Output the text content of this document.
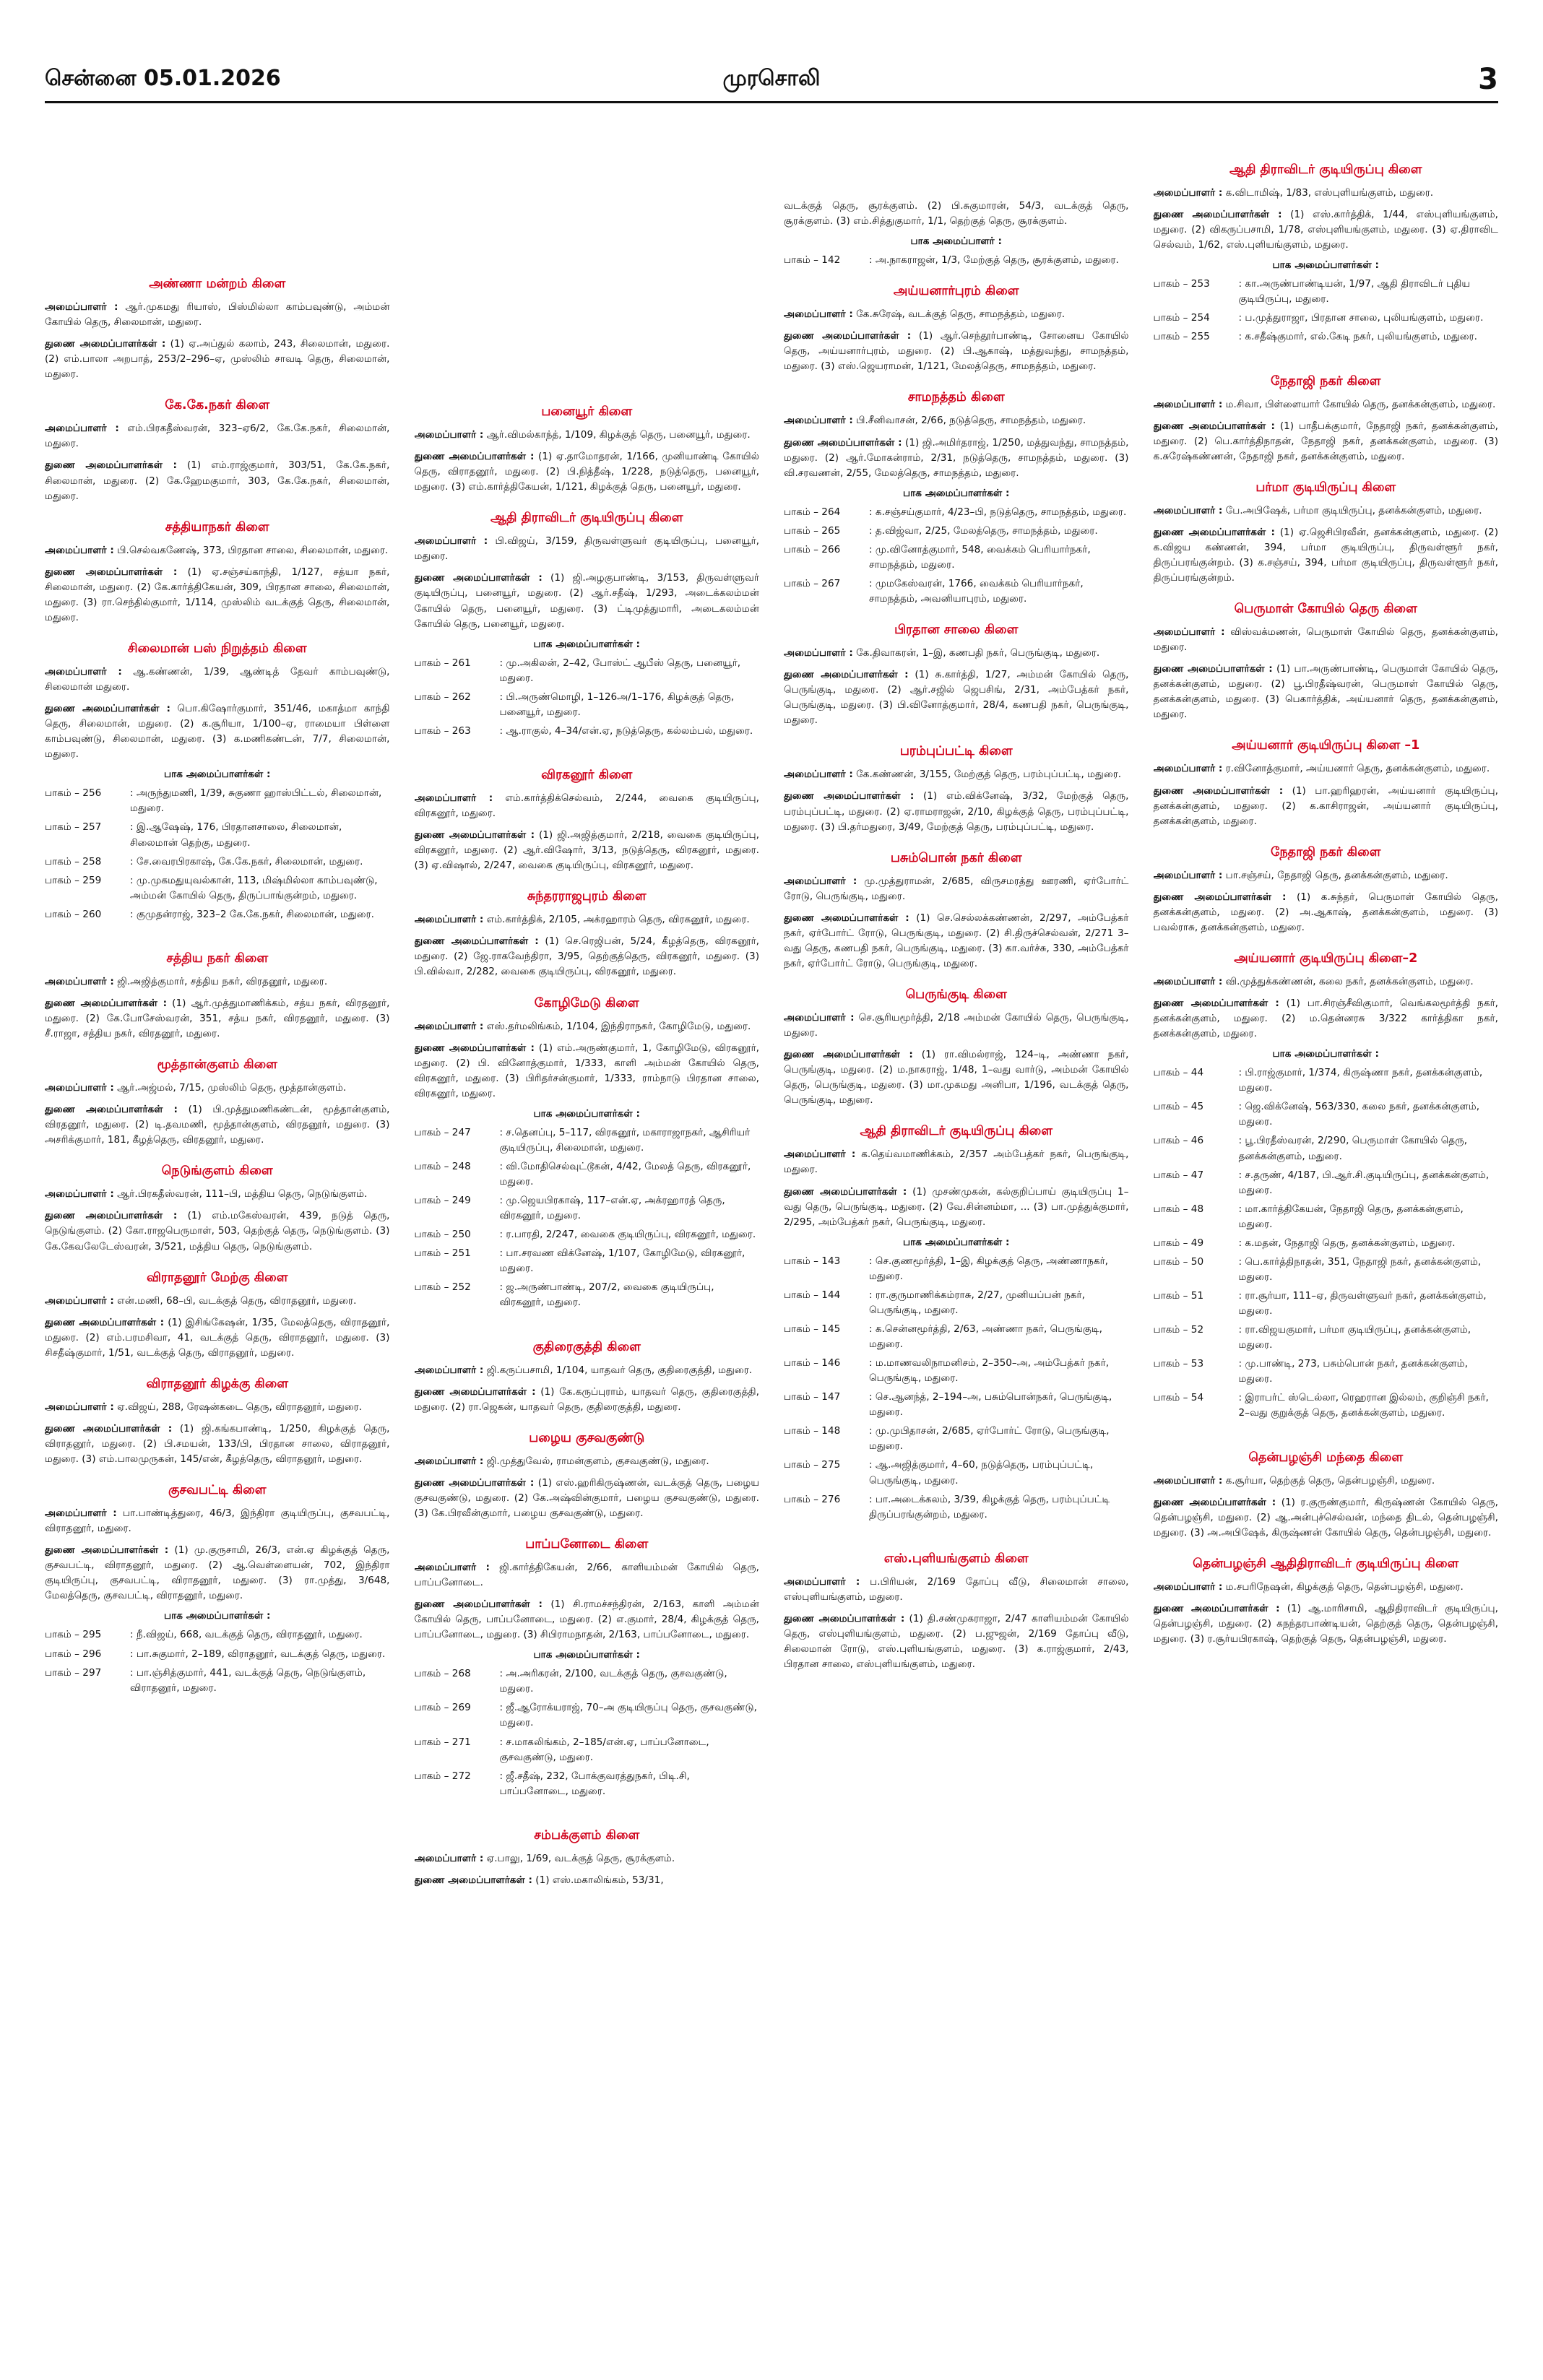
சென்னை 05.01.2026	முரசொலி	3
அண்ணா மன்றம் கிளை

அமைப்பாளர் : ஆர்.முகமது ரியாஸ், பிஸ்மில்லா காம்பவுண்டு, அம்மன் கோயில் தெரு, சிலைமான், மதுரை.

துணை அமைப்பாளர்கள் : (1) ஏ.அப்துல் கலாம், 243, சிலைமான், மதுரை. (2) எம்.பாலா அறபாத், 253/2–296–ஏ, முஸ்லிம் சாவடி தெரு, சிலைமான், மதுரை.

கே.கே.நகர் கிளை

அமைப்பாளர் : எம்.பிரகதீஸ்வரன், 323–ஏ6/2, கே.கே.நகர், சிலைமான், மதுரை.

துணை அமைப்பாளர்கள் : (1) எம்.ராஜ்குமார், 303/51, கே.கே.நகர், சிலைமான், மதுரை. (2) கே.ஹேமகுமார், 303, கே.கே.நகர், சிலைமான், மதுரை.

சத்தியாநகர் கிளை

அமைப்பாளர் : பி.செல்வகணேஷ், 373, பிரதான சாலை, சிலைமான், மதுரை.

துணை அமைப்பாளர்கள் : (1) ஏ.சஞ்சய்காந்தி, 1/127, சத்யா நகர், சிலைமான், மதுரை. (2) கே.கார்த்திகேயன், 309, பிரதான சாலை, சிலைமான், மதுரை. (3) ரா.செந்தில்குமார், 1/114, முஸ்லிம் வடக்குத் தெரு, சிலைமான், மதுரை.

சிலைமான் பஸ் நிறுத்தம் கிளை

அமைப்பாளர் : ஆ.கண்ணன், 1/39, ஆண்டித் தேவர் காம்பவுண்டு, சிலைமான் மதுரை.

துணை அமைப்பாளர்கள் : பொ.கிஷோர்குமார், 351/46, மகாத்மா காந்தி தெரு, சிலைமான், மதுரை. (2) க.சூரியா, 1/100–ஏ, ராமையா பிள்ளை காம்பவுண்டு, சிலைமான், மதுரை. (3) க.மணிகண்டன், 7/7, சிலைமான், மதுரை.

பாக அமைப்பாளர்கள் :
பாகம் – 256	: அருந்துமணி, 1/39, சுகுணா ஹாஸ்பிட்டல், சிலைமான், மதுரை.
பாகம் – 257	: இ.ஆஷேஷ், 176, பிரதானசாலை, சிலைமான், சிலைமான் தெற்கு, மதுரை.
பாகம் – 258	: சே.வைரபிரகாஷ், கே.கே.நகர், சிலைமான், மதுரை.
பாகம் – 259	: மு.முகமதுயுவல்கான், 113, மிஷ்மில்லா காம்பவுண்டு, அம்மன் கோயில் தெரு, திருப்பாங்குன்றம், மதுரை.
பாகம் – 260	: குமுதன்ராஜ், 323–2 கே.கே.நகர், சிலைமான், மதுரை.
சத்திய நகர் கிளை

அமைப்பாளர் : ஜி.அஜித்குமார், சத்திய நகர், விரதனூர், மதுரை.

துணை அமைப்பாளர்கள் : (1) ஆர்.முத்துமாணிக்கம், சத்ய நகர், விரதனூர், மதுரை. (2) கே.போசேஸ்வரன், 351, சத்ய நகர், விரதனூர், மதுரை. (3) சீ.ராஜா, சத்திய நகர், விரதனூர், மதுரை.

மூத்தான்குளம் கிளை

அமைப்பாளர் : ஆர்.அஜ்மல், 7/15, முஸ்லிம் தெரு, மூத்தான்குளம்.

துணை அமைப்பாளர்கள் : (1) பி.முத்துமணிகண்டன், மூத்தான்குளம், விரதனூர், மதுரை. (2) டி.தவமணி, மூத்தான்குளம், விரதனூர், மதுரை. (3) அசரிக்குமார், 181, கீழத்தெரு, விரதனூர், மதுரை.

நெடுங்குளம் கிளை

அமைப்பாளர் : ஆர்.பிரகதீஸ்வரன், 111–பி, மத்திய தெரு, நெடுங்குளம்.

துணை அமைப்பாளர்கள் : (1) எம்.மகேஸ்வரன், 439, நடுத் தெரு, நெடுங்குளம். (2) கோ.ராஜபெருமாள், 503, தெற்குத் தெரு, நெடுங்குளம். (3) கே.கேவலேடேஸ்வரன், 3/521, மத்திய தெரு, நெடுங்குளம்.

விராதனூர் மேற்கு கிளை

அமைப்பாளர் : என்.மணி, 68–பி, வடக்குத் தெரு, விராதனூர், மதுரை.

துணை அமைப்பாளர்கள் : (1) இசிங்கேஷன், 1/35, மேலத்தெரு, விராதனூர், மதுரை. (2) எம்.பரமசிவா, 41, வடக்குத் தெரு, விராதனூர், மதுரை. (3) சிசதீஷ்குமார், 1/51, வடக்குத் தெரு, விராதனூர், மதுரை.

விராதனூர் கிழக்கு கிளை

அமைப்பாளர் : ஏ.விஜய், 288, ரேஷன்கடை தெரு, விராதனூர், மதுரை.

துணை அமைப்பாளர்கள் : (1) ஜி.கங்கபாண்டி, 1/250, கிழக்குத் தெரு, விராதனூர், மதுரை. (2) பி.சமயன், 133/பி, பிரதான சாலை, விராதனூர், மதுரை. (3) எம்.பாலமுருகன், 145/என், கீழத்தெரு, விராதனூர், மதுரை.

குசவபட்டி கிளை

அமைப்பாளர் : பா.பாண்டித்துரை, 46/3, இந்திரா குடியிருப்பு, குசவபட்டி, விராதனூர், மதுரை.

துணை அமைப்பாளர்கள் : (1) மு.குருசாமி, 26/3, என்.ஏ கிழக்குத் தெரு, குசவபட்டி, விராதனூர், மதுரை. (2) ஆ.வெள்ளையன், 702, இந்திரா குடியிருப்பு, குசவபட்டி, விராதனூர், மதுரை. (3) ரா.முத்து, 3/648, மேலத்தெரு, குசவபட்டி, விராதனூர், மதுரை.

பாக அமைப்பாளர்கள் :
பாகம் – 295	: நீ.விஜய், 668, வடக்குத் தெரு, விராதனூர், மதுரை.
பாகம் – 296	: பா.சுகுமார், 2–189, விராதனூர், வடக்குத் தெரு, மதுரை.
பாகம் – 297	: பா.ஞ்சித்குமார், 441, வடக்குத் தெரு, நெடுங்குளம், விராதனூர், மதுரை.
பனையூர் கிளை

அமைப்பாளர் : ஆர்.விமல்காந்த், 1/109, கிழக்குத் தெரு, பனையூர், மதுரை.

துணை அமைப்பாளர்கள் : (1) ஏ.தாமோதரன், 1/166, முனியாண்டி கோயில் தெரு, விராதனூர், மதுரை. (2) பி.நித்தீஷ், 1/228, நடுத்தெரு, பனையூர், மதுரை. (3) எம்.கார்த்திகேயன், 1/121, கிழக்குத் தெரு, பனையூர், மதுரை.

ஆதி திராவிடர் குடியிருப்பு கிளை

அமைப்பாளர் : பி.விஜய், 3/159, திருவள்ளுவர் குடியிருப்பு, பனையூர், மதுரை.

துணை அமைப்பாளர்கள் : (1) ஜி.அழகுபாண்டி, 3/153, திருவள்ளுவர் குடியிருப்பு, பனையூர், மதுரை. (2) ஆர்.சதீஷ், 1/293, அடைக்கலம்மன் கோயில் தெரு, பனையூர், மதுரை. (3) ட்டிமுத்துமாரி, அடைகலம்மன் கோயில் தெரு, பனையூர், மதுரை.

பாக அமைப்பாளர்கள் :
பாகம் – 261	: மு.அகிலன், 2–42, போஸ்ட் ஆபீஸ் தெரு, பனையூர், மதுரை.
பாகம் – 262	: பி.அருண்மொழி, 1–126அ/1–176, கிழக்குத் தெரு, பனையூர், மதுரை.
பாகம் – 263	: ஆ.ராகுல், 4–34/என்.ஏ, நடுத்தெரு, கல்லம்பல், மதுரை.
விரகனூர் கிளை

அமைப்பாளர் : எம்.கார்த்திக்செல்வம், 2/244, வைகை குடியிருப்பு, விரகனூர், மதுரை.

துணை அமைப்பாளர்கள் : (1) ஜி.அஜித்குமார், 2/218, வைகை குடியிருப்பு, விரகனூர், மதுரை. (2) ஆர்.விஷோர், 3/13, நடுத்தெரு, விரகனூர், மதுரை. (3) ஏ.விஷால், 2/247, வைகை குடியிருப்பு, விரகனூர், மதுரை.

சுந்தரராஜபுரம் கிளை

அமைப்பாளர் : எம்.கார்த்திக், 2/105, அக்ரஹாரம் தெரு, விரகனூர், மதுரை.

துணை அமைப்பாளர்கள் : (1) செ.ரெஜிபன், 5/24, கீழத்தெரு, விரகனூர், மதுரை. (2) ஜே.ராகவேந்திரா, 3/95, தெற்குத்தெரு, விரகனூர், மதுரை. (3) பி.வில்வா, 2/282, வைகை குடியிருப்பு, விரகனூர், மதுரை.

கோழிமேடு கிளை

அமைப்பாளர் : எஸ்.தர்மலிங்கம், 1/104, இந்திராநகர், கோழிமேடு, மதுரை.

துணை அமைப்பாளர்கள் : (1) எம்.அருண்குமார், 1, கோழிமேடு, விரகனூர், மதுரை. (2) பி. வினோத்குமார், 1/333, காளி அம்மன் கோயில் தெரு, விரகனூர், மதுரை. (3) பிரிதர்சன்குமார், 1/333, ராம்நாடு பிரதான சாலை, விரகனூர், மதுரை.

பாக அமைப்பாளர்கள் :
பாகம் – 247	: ச.தெனப்பு, 5–117, விரகனூர், மகாராஜாநகர், ஆசிரியர் குடியிருப்பு, சிலைமான், மதுரை.
பாகம் – 248	: வி.மோதிசெல்வுட்டூகன், 4/42, மேலத் தெரு, விரகனூர், மதுரை.
பாகம் – 249	: மு.ஜெயபிரகாஷ், 117–என்.ஏ, அக்ரஹாரத் தெரு, விரகனூர், மதுரை.
பாகம் – 250	: ர.பாரதி, 2/247, வைகை குடியிருப்பு, விரகனூர், மதுரை.
பாகம் – 251	: பா.சரவண விக்னேஷ், 1/107, கோழிமேடு, விரகனூர், மதுரை.
பாகம் – 252	: ஜ.அருண்பாண்டி, 207/2, வைகை குடியிருப்பு, விரகனூர், மதுரை.
குதிரைகுத்தி கிளை

அமைப்பாளர் : ஜி.கருப்பசாமி, 1/104, யாதவர் தெரு, குதிரைகுத்தி, மதுரை.

துணை அமைப்பாளர்கள் : (1) கே.கருப்புராம், யாதவர் தெரு, குதிரைகுத்தி, மதுரை. (2) ரா.ஜெகன், யாதவர் தெரு, குதிரைகுத்தி, மதுரை.

பழைய குசவகுண்டு

அமைப்பாளர் : ஜி.முத்துவேல், ராமன்குளம், குசவகுண்டு, மதுரை.

துணை அமைப்பாளர்கள் : (1) எஸ்.ஹரிகிருஷ்ணன், வடக்குத் தெரு, பழைய குசவகுண்டு, மதுரை. (2) கே.அஷ்வின்குமார், பழைய குசவகுண்டு, மதுரை. (3) கே.பிரவீன்குமார், பழைய குசவகுண்டு, மதுரை.

பாப்பனோடை கிளை

அமைப்பாளர் : ஜி.கார்த்திகேயன், 2/66, காளியம்மன் கோயில் தெரு, பாப்பனோடை.

துணை அமைப்பாளர்கள் : (1) சி.ராமச்சந்திரன், 2/163, காளி அம்மன் கோயில் தெரு, பாப்பனோடை, மதுரை. (2) எ.குமார், 28/4, கிழக்குத் தெரு, பாப்பனோடை, மதுரை. (3) சிபிராமநாதன், 2/163, பாப்பனோடை, மதுரை.

பாக அமைப்பாளர்கள் :
பாகம் – 268	: அ.அரிகரன், 2/100, வடக்குத் தெரு, குசவகுண்டு, மதுரை.
பாகம் – 269	: ஜீ.ஆரோக்யராஜ், 70–அ குடியிருப்பு தெரு, குசவகுண்டு, மதுரை.
பாகம் – 271	: ச.மாகலிங்கம், 2–185/என்.ஏ, பாப்பனோடை, குசவகுண்டு, மதுரை.
பாகம் – 272	: ஜீ.சதீஷ், 232, போக்குவரத்துநகர், பிடி.சி, பாப்பனோடை, மதுரை.
சம்பக்குளம் கிளை

அமைப்பாளர் : ஏ.பாலு, 1/69, வடக்குத் தெரு, சூரக்குளம்.

துணை அமைப்பாளர்கள் : (1) எஸ்.மகாலிங்கம், 53/31,

வடக்குத் தெரு, சூரக்குளம். (2) பி.சுகுமாரன், 54/3, வடக்குத் தெரு, சூரக்குளம். (3) எம்.சித்துகுமார், 1/1, தெற்குத் தெரு, சூரக்குளம்.

பாக அமைப்பாளர் :
பாகம் – 142	: அ.நாகராஜன், 1/3, மேற்குத் தெரு, சூரக்குளம், மதுரை.
அய்யனார்புரம் கிளை

அமைப்பாளர் : கே.சுரேஷ், வடக்குத் தெரு, சாமநத்தம், மதுரை.

துணை அமைப்பாளர்கள் : (1) ஆர்.செந்தூர்பாண்டி, சோனைய கோயில் தெரு, அய்யனார்புரம், மதுரை. (2) பி.ஆகாஷ், மத்துவந்து, சாமநத்தம், மதுரை. (3) எஸ்.ஜெயராமன், 1/121, மேலத்தெரு, சாமநத்தம், மதுரை.

சாமநத்தம் கிளை

அமைப்பாளர் : பி.சீனிவாசன், 2/66, நடுத்தெரு, சாமநத்தம், மதுரை.

துணை அமைப்பாளர்கள் : (1) ஜி.அமிர்தராஜ், 1/250, மத்துவந்து, சாமநத்தம், மதுரை. (2) ஆர்.மோகன்ராம், 2/31, நடுத்தெரு, சாமநத்தம், மதுரை. (3) வி.சரவணன், 2/55, மேலத்தெரு, சாமநத்தம், மதுரை.

பாக அமைப்பாளர்கள் :
பாகம் – 264	: க.சஞ்சய்குமார், 4/23–பி, நடுத்தெரு, சாமநத்தம், மதுரை.
பாகம் – 265	: த.விஜ்வா, 2/25, மேலத்தெரு, சாமநத்தம், மதுரை.
பாகம் – 266	: மு.வினோத்குமார், 548, வைக்கம் பெரியார்நகர், சாமநத்தம், மதுரை.
பாகம் – 267	: முமகேஸ்வரன், 1766, வைக்கம் பெரியார்நகர், சாமநத்தம், அவனியாபுரம், மதுரை.
பிரதான சாலை கிளை

அமைப்பாளர் : கே.திவாகரன், 1–இ, கணபதி நகர், பெருங்குடி, மதுரை.

துணை அமைப்பாளர்கள் : (1) சு.கார்த்தி, 1/27, அம்மன் கோயில் தெரு, பெருங்குடி, மதுரை. (2) ஆர்.சஜில் ஜெபசிங், 2/31, அம்பேத்கர் நகர், பெருங்குடி, மதுரை. (3) பி.வினோத்குமார், 28/4, கணபதி நகர், பெருங்குடி, மதுரை.

பரம்புப்பட்டி கிளை

அமைப்பாளர் : கே.கண்ணன், 3/155, மேற்குத் தெரு, பரம்புப்பட்டி, மதுரை.

துணை அமைப்பாளர்கள் : (1) எம்.விக்னேஷ், 3/32, மேற்குத் தெரு, பரம்புப்பட்டி, மதுரை. (2) ஏ.ராமராஜன், 2/10, கிழக்குத் தெரு, பரம்புப்பட்டி, மதுரை. (3) பி.தர்மதுரை, 3/49, மேற்குத் தெரு, பரம்புப்பட்டி, மதுரை.

பசும்பொன் நகர் கிளை

அமைப்பாளர் : மு.முத்துராமன், 2/685, விருசமரத்து ஊரணி, ஏர்போர்ட் ரோடு, பெருங்குடி, மதுரை.

துணை அமைப்பாளர்கள் : (1) செ.செல்லக்கண்ணன், 2/297, அம்பேத்கர் நகர், ஏர்போர்ட் ரோடு, பெருங்குடி, மதுரை. (2) சி.திருச்செல்வன், 2/271 3–வது தெரு, கணபதி நகர், பெருங்குடி, மதுரை. (3) கா.வர்ச்சு, 330, அம்பேத்கர் நகர், ஏர்போர்ட் ரோடு, பெருங்குடி, மதுரை.

பெருங்குடி கிளை

அமைப்பாளர் : செ.சூரியமூர்த்தி, 2/18 அம்மன் கோயில் தெரு, பெருங்குடி, மதுரை.

துணை அமைப்பாளர்கள் : (1) ரா.விமல்ராஜ், 124–டி, அண்ணா நகர், பெருங்குடி, மதுரை. (2) ம.நாகராஜ், 1/48, 1–வது வார்டு, அம்மன் கோயில் தெரு, பெருங்குடி, மதுரை. (3) மா.முகமது அனிபா, 1/196, வடக்குத் தெரு, பெருங்குடி, மதுரை.

ஆதி திராவிடர் குடியிருப்பு கிளை

அமைப்பாளர் : க.தெய்வமாணிக்கம், 2/357 அம்பேத்கர் நகர், பெருங்குடி, மதுரை.

துணை அமைப்பாளர்கள் : (1) முசண்முகன், கல்குறிப்பாய் குடியிருப்பு 1–வது தெரு, பெருங்குடி, மதுரை. (2) வே.சின்னம்மா, ... (3) பா.முத்துக்குமார், 2/295, அம்பேத்கர் நகர், பெருங்குடி, மதுரை.

பாக அமைப்பாளர்கள் :
பாகம் – 143	: செ.குணமூர்த்தி, 1–இ, கிழக்குத் தெரு, அண்ணாநகர், மதுரை.
பாகம் – 144	: ரா.குருமாணிக்கம்ராசு, 2/27, முனியப்பன் நகர், பெருங்குடி, மதுரை.
பாகம் – 145	: க.சென்னமூர்த்தி, 2/63, அண்ணா நகர், பெருங்குடி, மதுரை.
பாகம் – 146	: ம.மாணவலிநாமனிசம், 2–350–அ, அம்பேத்கர் நகர், பெருங்குடி, மதுரை.
பாகம் – 147	: செ.ஆனந்த், 2–194–அ, பசும்பொன்நகர், பெருங்குடி, மதுரை.
பாகம் – 148	: மு.முபிதாசன், 2/685, ஏர்போர்ட் ரோடு, பெருங்குடி, மதுரை.
பாகம் – 275	: ஆ.அஜித்குமார், 4–60, நடுத்தெரு, பரம்புப்பட்டி, பெருங்குடி, மதுரை.
பாகம் – 276	: பா.அடைக்கலம், 3/39, கிழக்குத் தெரு, பரம்புப்பட்டி திருப்பரங்குன்றம், மதுரை.
எஸ்.புளியங்குளம் கிளை

அமைப்பாளர் : ப.பிரியன், 2/169 தோப்பு வீடு, சிலைமான் சாலை, எஸ்புளியங்குளம், மதுரை.

துணை அமைப்பாளர்கள் : (1) தி.சண்முகராஜா, 2/47 காளியம்மன் கோயில் தெரு, எஸ்புளியங்குளம், மதுரை. (2) ப.ஜுஜன், 2/169 தோப்பு வீடு, சிலைமான் ரோடு, எஸ்.புளியங்குளம், மதுரை. (3) க.ராஜ்குமார், 2/43, பிரதான சாலை, எஸ்புளியங்குளம், மதுரை.

ஆதி திராவிடர் குடியிருப்பு கிளை

அமைப்பாளர் : க.விடாமிஷ், 1/83, எஸ்புளியங்குளம், மதுரை.

துணை அமைப்பாளர்கள் : (1) எஸ்.கார்த்திக், 1/44, எஸ்புளியங்குளம், மதுரை. (2) விகருப்பசாமி, 1/78, எஸ்புளியங்குளம், மதுரை. (3) ஏ.திராவிட செல்வம், 1/62, எஸ்.புளியங்குளம், மதுரை.

பாக அமைப்பாளர்கள் :
பாகம் – 253	: கா.அருண்பாண்டியன், 1/97, ஆதி திராவிடர் புதிய குடியிருப்பு, மதுரை.
பாகம் – 254	: ப.முத்துராஜா, பிரதான சாலை, புலியங்குளம், மதுரை.
பாகம் – 255	: க.சதீஷ்குமார், எல்.கேடி நகர், புலியங்குளம், மதுரை.
நேதாஜி நகர் கிளை

அமைப்பாளர் : ம.சிவா, பிள்ளையார் கோயில் தெரு, தனக்கன்குளம், மதுரை.

துணை அமைப்பாளர்கள் : (1) பாதீபக்குமார், நேதாஜி நகர், தனக்கன்குளம், மதுரை. (2) பெ.கார்த்திநாதன், நேதாஜி நகர், தனக்கன்குளம், மதுரை. (3) க.சுரேஷ்கண்ணன், நேதாஜி நகர், தனக்கன்குளம், மதுரை.

பர்மா குடியிருப்பு கிளை

அமைப்பாளர் : பே.அபிஷேக், பர்மா குடியிருப்பு, தனக்கன்குளம், மதுரை.

துணை அமைப்பாளர்கள் : (1) ஏ.ஜெசிபிரவீன், தனக்கன்குளம், மதுரை. (2) க.விஜய கண்ணன், 394, பர்மா குடியிருப்பு, திருவள்ளூர் நகர், திருப்பரங்குன்றம். (3) க.சஞ்சய், 394, பர்மா குடியிருப்பு, திருவள்ளூர் நகர், திருப்பரங்குன்றம்.

பெருமாள் கோயில் தெரு கிளை

அமைப்பாளர் : விஸ்வக்மணன், பெருமாள் கோயில் தெரு, தனக்கன்குளம், மதுரை.

துணை அமைப்பாளர்கள் : (1) பா.அருண்பாண்டி, பெருமாள் கோயில் தெரு, தனக்கன்குளம், மதுரை. (2) பூ.பிரதீஷ்வரன், பெருமாள் கோயில் தெரு, தனக்கன்குளம், மதுரை. (3) பெகார்த்திக், அய்யனார் தெரு, தனக்கன்குளம், மதுரை.

அய்யனார் குடியிருப்பு கிளை –1

அமைப்பாளர் : ர.வினோத்குமார், அய்யனார் தெரு, தனக்கன்குளம், மதுரை.

துணை அமைப்பாளர்கள் : (1) பா.ஹரிஹரன், அய்யனார் குடியிருப்பு, தனக்கன்குளம், மதுரை. (2) க.காசிராஜன், அய்யனார் குடியிருப்பு, தனக்கன்குளம், மதுரை.

நேதாஜி நகர் கிளை

அமைப்பாளர் : பா.சஞ்சய், நேதாஜி தெரு, தனக்கன்குளம், மதுரை.

துணை அமைப்பாளர்கள் : (1) க.சுந்தர், பெருமாள் கோயில் தெரு, தனக்கன்குளம், மதுரை. (2) அ.ஆகாஷ், தனக்கன்குளம், மதுரை. (3) பவல்ராசு, தனக்கன்குளம், மதுரை.

அய்யனார் குடியிருப்பு கிளை–2

அமைப்பாளர் : வி.முத்துக்கண்ணன், கலை நகர், தனக்கன்குளம், மதுரை.

துணை அமைப்பாளர்கள் : (1) பா.சிரஞ்சீவிகுமார், வெங்கலமூர்த்தி நகர், தனக்கன்குளம், மதுரை. (2) ம.தென்னரசு 3/322 கார்த்திகா நகர், தனக்கன்குளம், மதுரை.

பாக அமைப்பாளர்கள் :
பாகம் – 44	: பி.ராஜ்குமார், 1/374, கிருஷ்ணா நகர், தனக்கன்குளம், மதுரை.
பாகம் – 45	: ஜெ.விக்னேஷ், 563/330, கலை நகர், தனக்கன்குளம், மதுரை.
பாகம் – 46	: பூ.பிரதீஸ்வரன், 2/290, பெருமாள் கோயில் தெரு, தனக்கன்குளம், மதுரை.
பாகம் – 47	: ச.தருண், 4/187, பி.ஆர்.சி.குடியிருப்பு, தனக்கன்குளம், மதுரை.
பாகம் – 48	: மா.கார்த்திகேயன், நேதாஜி தெரு, தனக்கன்குளம், மதுரை.
பாகம் – 49	: க.மதன், நேதாஜி தெரு, தனக்கன்குளம், மதுரை.
பாகம் – 50	: பெ.கார்த்திநாதன், 351, நேதாஜி நகர், தனக்கன்குளம், மதுரை.
பாகம் – 51	: ரா.சூர்யா, 111–ஏ, திருவள்ளுவர் நகர், தனக்கன்குளம், மதுரை.
பாகம் – 52	: ரா.விஜயகுமார், பர்மா குடியிருப்பு, தனக்கன்குளம், மதுரை.
பாகம் – 53	: மு.பாண்டி, 273, பசும்பொன் நகர், தனக்கன்குளம், மதுரை.
பாகம் – 54	: இராபர்ட் ஸ்டெல்லா, ரெஹரான இல்லம், குறிஞ்சி நகர், 2–வது குறுக்குத் தெரு, தனக்கன்குளம், மதுரை.
தென்பழஞ்சி மந்தை கிளை

அமைப்பாளர் : க.சூர்யா, தெற்குத் தெரு, தென்பழஞ்சி, மதுரை.

துணை அமைப்பாளர்கள் : (1) ர.குருண்குமார், கிருஷ்ணன் கோயில் தெரு, தென்பழஞ்சி, மதுரை. (2) ஆ.அன்புச்செல்வன், மந்தை திடல், தென்பழஞ்சி, மதுரை. (3) அ.அபிஷேக், கிருஷ்ணன் கோயில் தெரு, தென்பழஞ்சி, மதுரை.

தென்பழஞ்சி ஆதிதிராவிடர் குடியிருப்பு கிளை

அமைப்பாளர் : ம.சபரிநேஷன், கிழக்குத் தெரு, தென்பழஞ்சி, மதுரை.

துணை அமைப்பாளர்கள் : (1) ஆ.மாரிசாமி, ஆதிதிராவிடர் குடியிருப்பு, தென்பழஞ்சி, மதுரை. (2) கநந்தரபாண்டியன், தெற்குத் தெரு, தென்பழஞ்சி, மதுரை. (3) ர.சூர்யபிரகாஷ், தெற்குத் தெரு, தென்பழஞ்சி, மதுரை.
